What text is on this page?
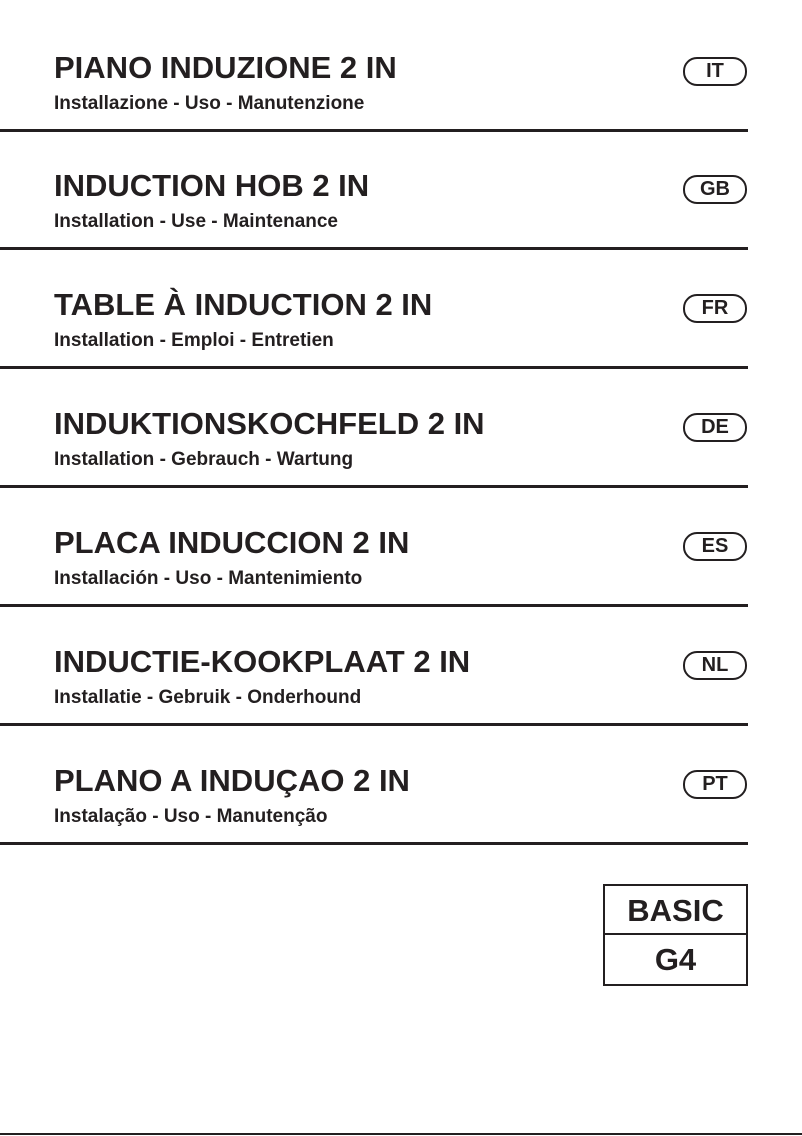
PIANO INDUZIONE 2 IN
Installazione - Uso - Manutenzione
IT
INDUCTION HOB 2 IN
Installation - Use - Maintenance
GB
TABLE À INDUCTION 2 IN
Installation - Emploi - Entretien
FR
INDUKTIONSKOCHFELD 2 IN
Installation - Gebrauch - Wartung
DE
PLACA INDUCCION 2 IN
Installación - Uso - Mantenimiento
ES
INDUCTIE-KOOKPLAAT 2 IN
Installatie - Gebruik - Onderhound
NL
PLANO A INDUÇAO 2 IN
Instalação - Uso - Manutenção
PT
BASIC
G4
